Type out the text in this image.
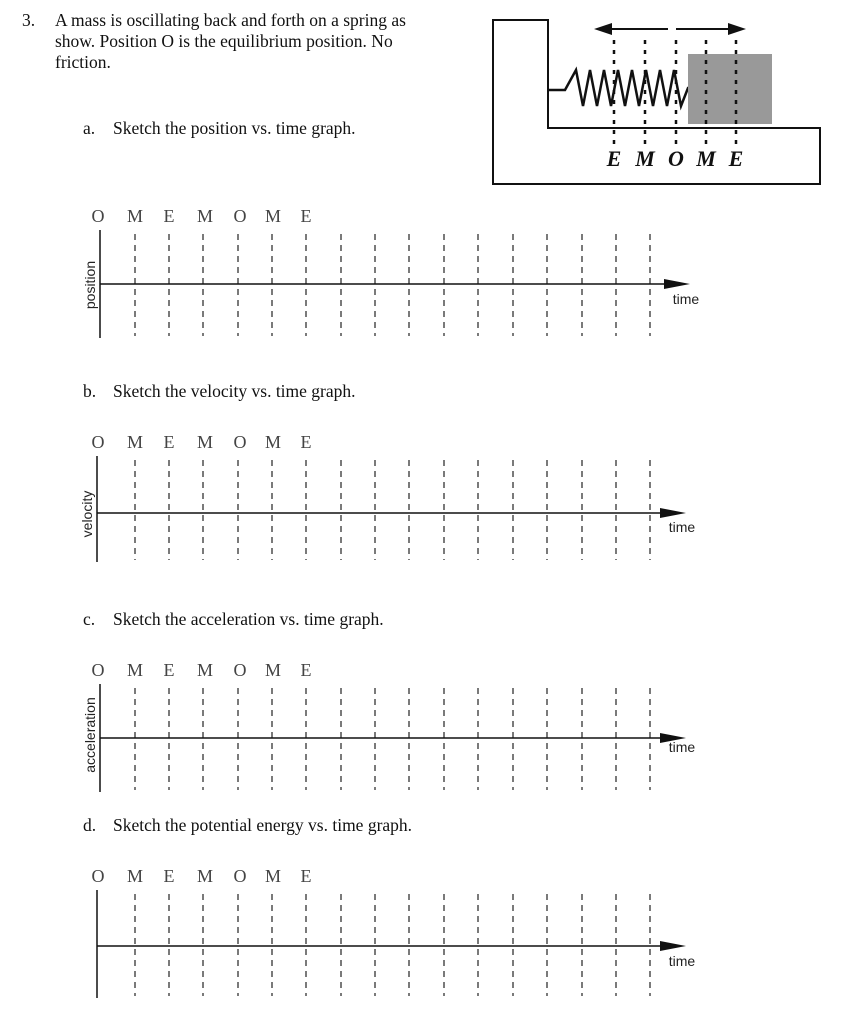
3. A mass is oscillating back and forth on a spring as show. Position O is the equilibrium position. No friction.
E M O M E
a. Sketch the position vs. time graph.
b. Sketch the velocity vs. time graph.
c. Sketch the acceleration vs. time graph.
d. Sketch the potential energy vs. time graph.
O M E M O M E
time
position
O M E M O M E
time
velocity
O M E M O M E
time
acceleration
O M E M O M E
time
